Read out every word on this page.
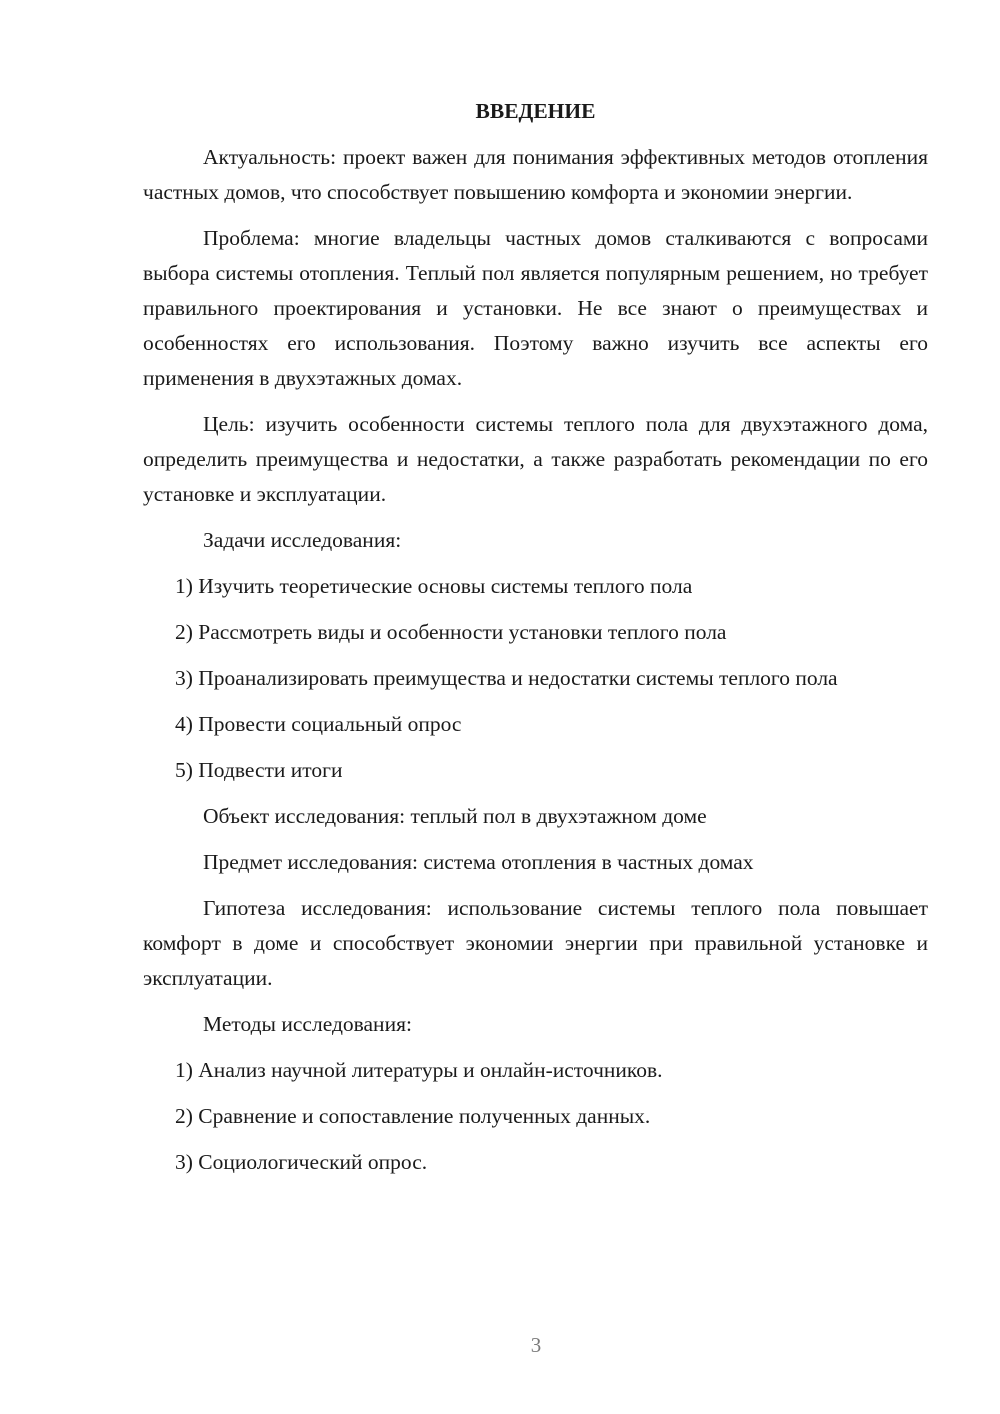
ВВЕДЕНИЕ

Актуальность: проект важен для понимания эффективных методов отопления частных домов, что способствует повышению комфорта и экономии энергии.

Проблема: многие владельцы частных домов сталкиваются с вопросами выбора системы отопления. Теплый пол является популярным решением, но требует правильного проектирования и установки. Не все знают о преимуществах и особенностях его использования. Поэтому важно изучить все аспекты его применения в двухэтажных домах.

Цель: изучить особенности системы теплого пола для двухэтажного дома, определить преимущества и недостатки, а также разработать рекомендации по его установке и эксплуатации.

Задачи исследования:

1) Изучить теоретические основы системы теплого пола

2) Рассмотреть виды и особенности установки теплого пола

3) Проанализировать преимущества и недостатки системы теплого пола

4) Провести социальный опрос

5) Подвести итоги

Объект исследования: теплый пол в двухэтажном доме

Предмет исследования: система отопления в частных домах

Гипотеза исследования: использование системы теплого пола повышает комфорт в доме и способствует экономии энергии при правильной установке и эксплуатации.

Методы исследования:

1) Анализ научной литературы и онлайн-источников.

2) Сравнение и сопоставление полученных данных.

3) Социологический опрос.

3
